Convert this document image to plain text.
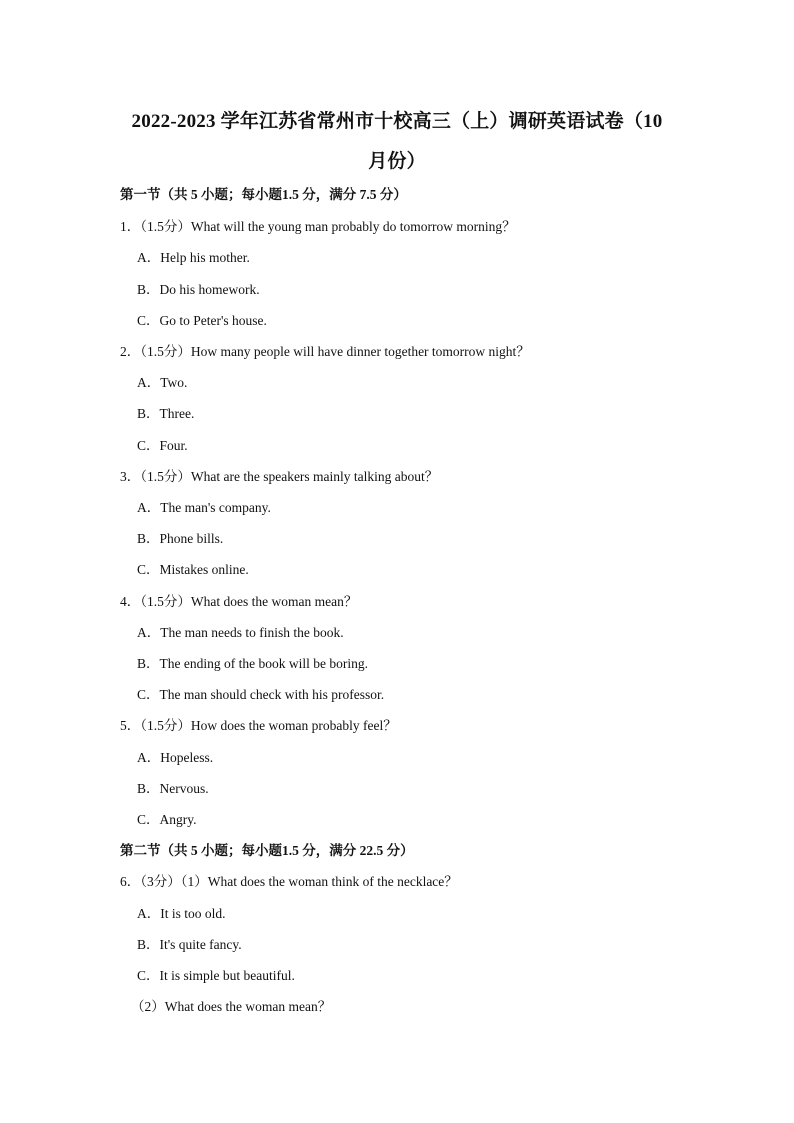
2022-2023 学年江苏省常州市十校高三（上）调研英语试卷（10
月份）
第一节（共 5 小题；每小题1.5 分，满分 7.5 分）
1．（1.5分）What will the young man probably do tomorrow morning？
A．Help his mother.
B．Do his homework.
C．Go to Peter's house.
2．（1.5分）How many people will have dinner together tomorrow night？
A．Two.
B．Three.
C．Four.
3．（1.5分）What are the speakers mainly talking about？
A．The man's company.
B．Phone bills.
C．Mistakes online.
4．（1.5分）What does the woman mean？
A．The man needs to finish the book.
B．The ending of the book will be boring.
C．The man should check with his professor.
5．（1.5分）How does the woman probably feel？
A．Hopeless.
B．Nervous.
C．Angry.
第二节（共 5 小题；每小题1.5 分，满分 22.5 分）
6．（3分）（1）What does the woman think of the necklace？
A．It is too old.
B．It's quite fancy.
C．It is simple but beautiful.
（2）What does the woman mean？
